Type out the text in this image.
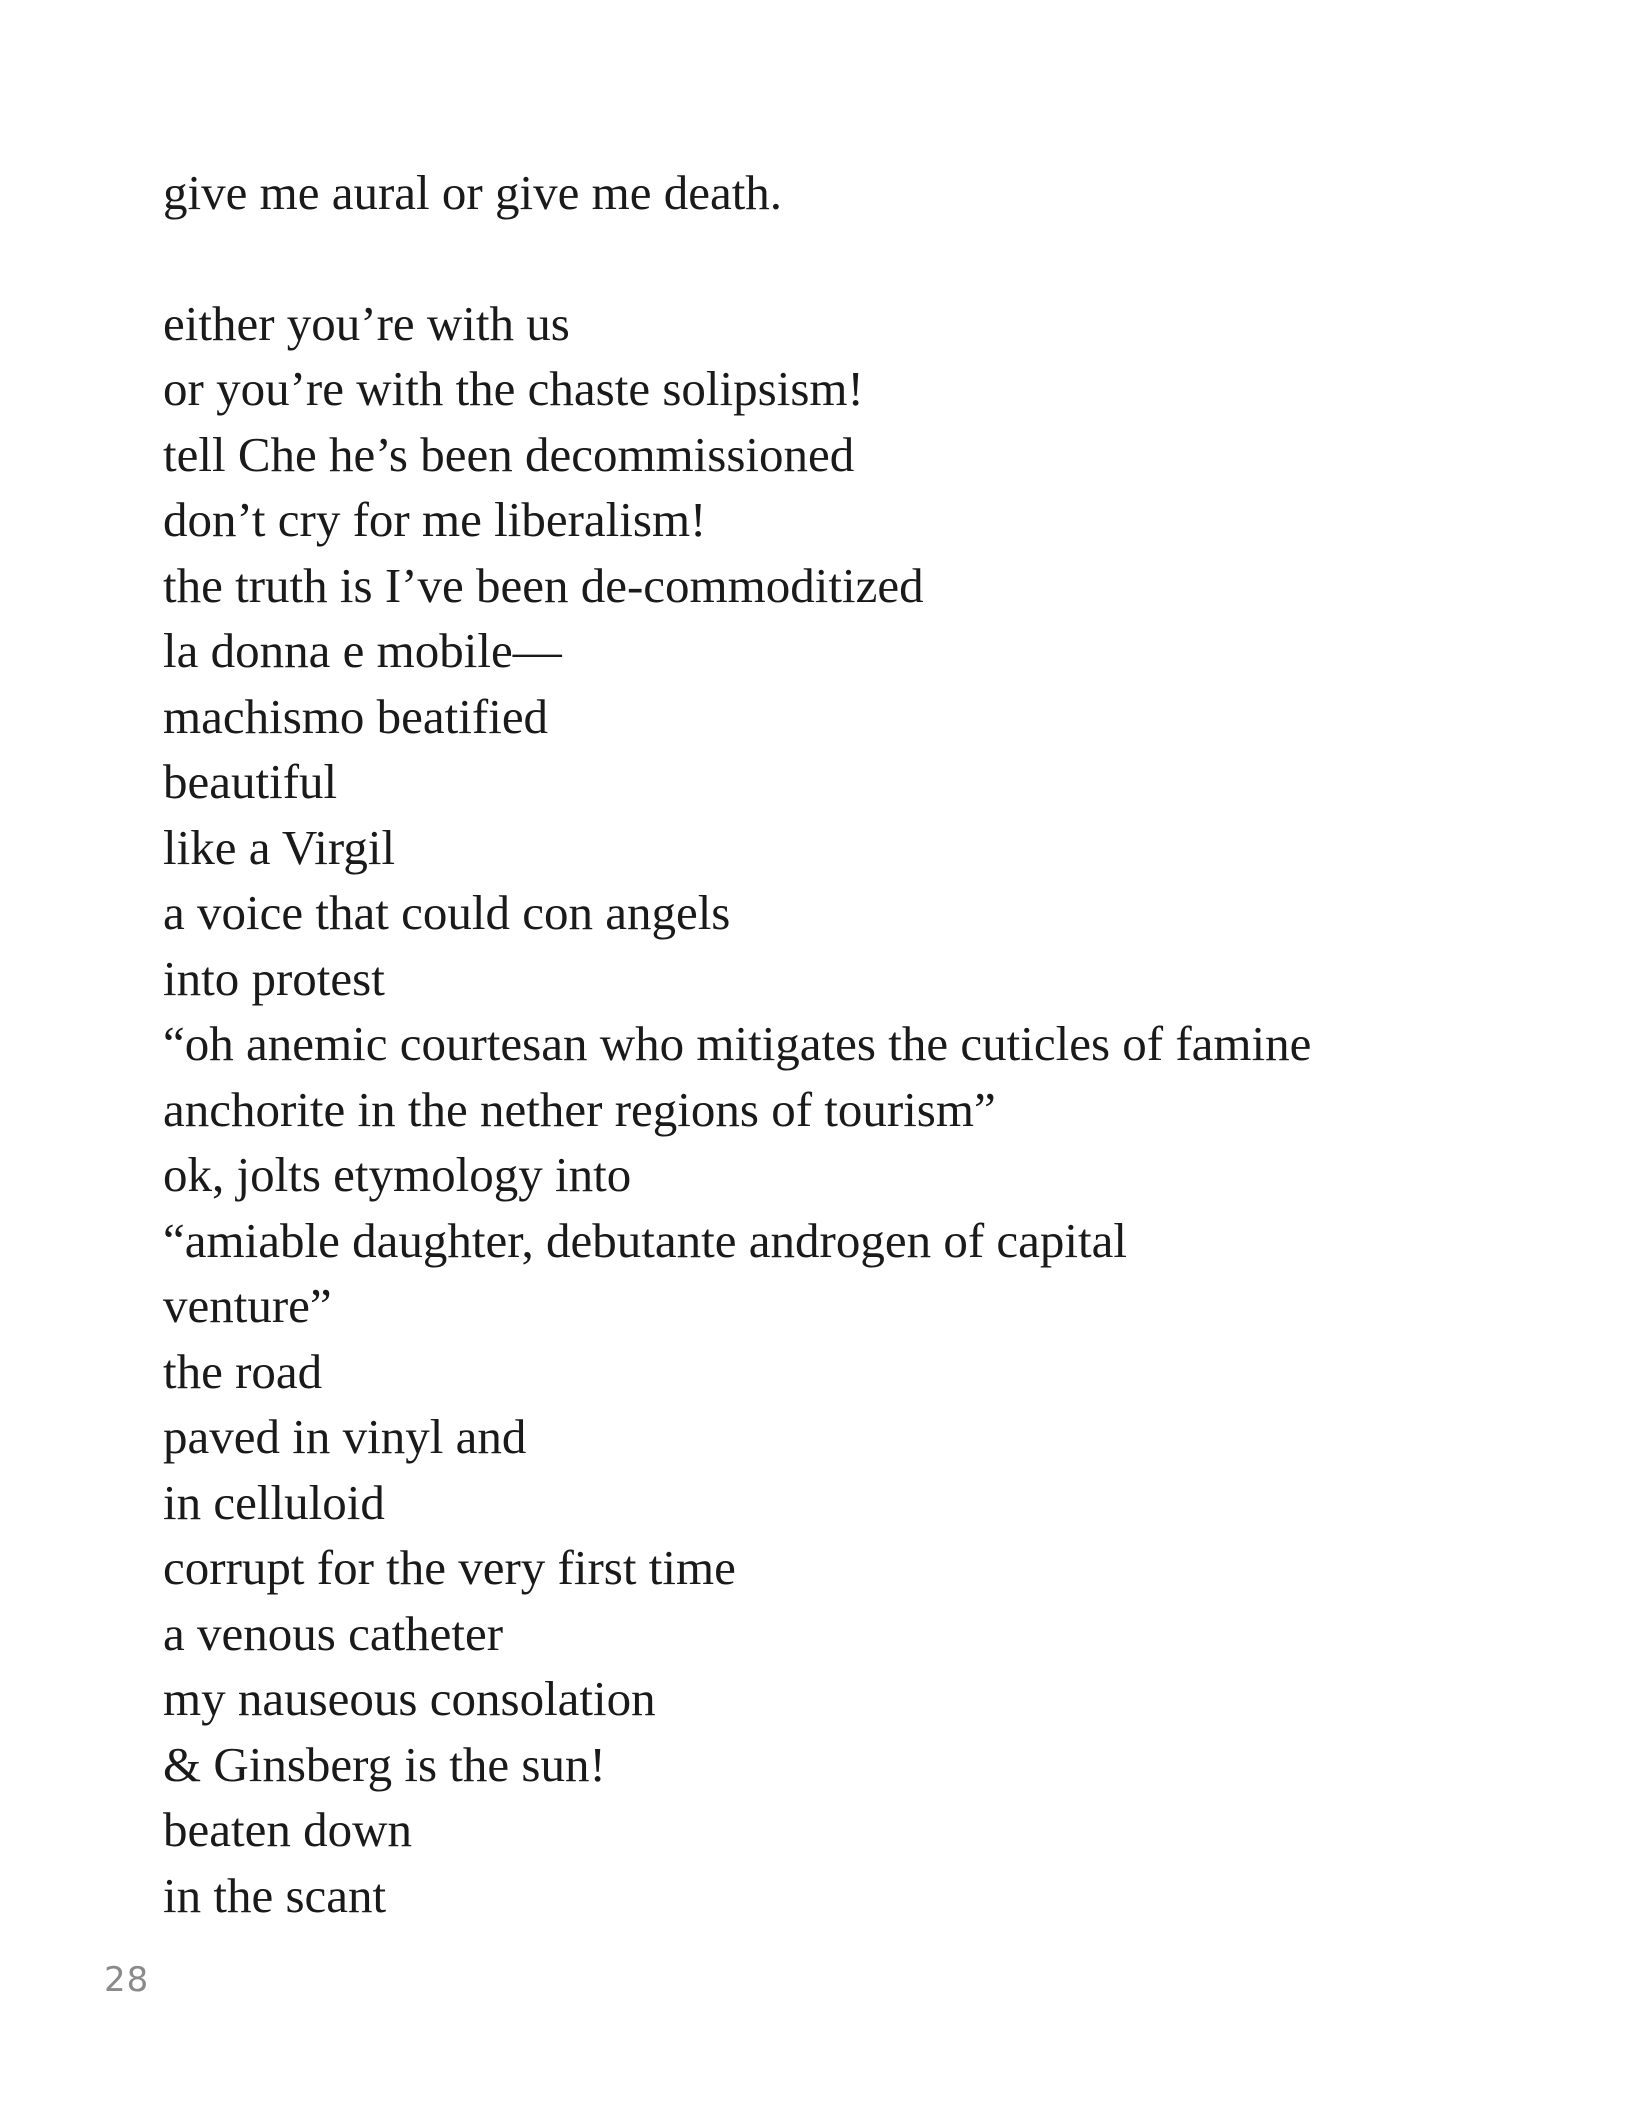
give me aural or give me death.
either you’re with us
or you’re with the chaste solipsism!
tell Che he’s been decommissioned
don’t cry for me liberalism!
the truth is I’ve been de-commoditized
la donna e mobile—
machismo beatified
beautiful
like a Virgil
a voice that could con angels
into protest
“oh anemic courtesan who mitigates the cuticles of famine
anchorite in the nether regions of tourism”
ok, jolts etymology into
“amiable daughter, debutante androgen of capital
venture”
the road
paved in vinyl and
in celluloid
corrupt for the very first time
a venous catheter
my nauseous consolation
& Ginsberg is the sun!
beaten down
in the scant
28
